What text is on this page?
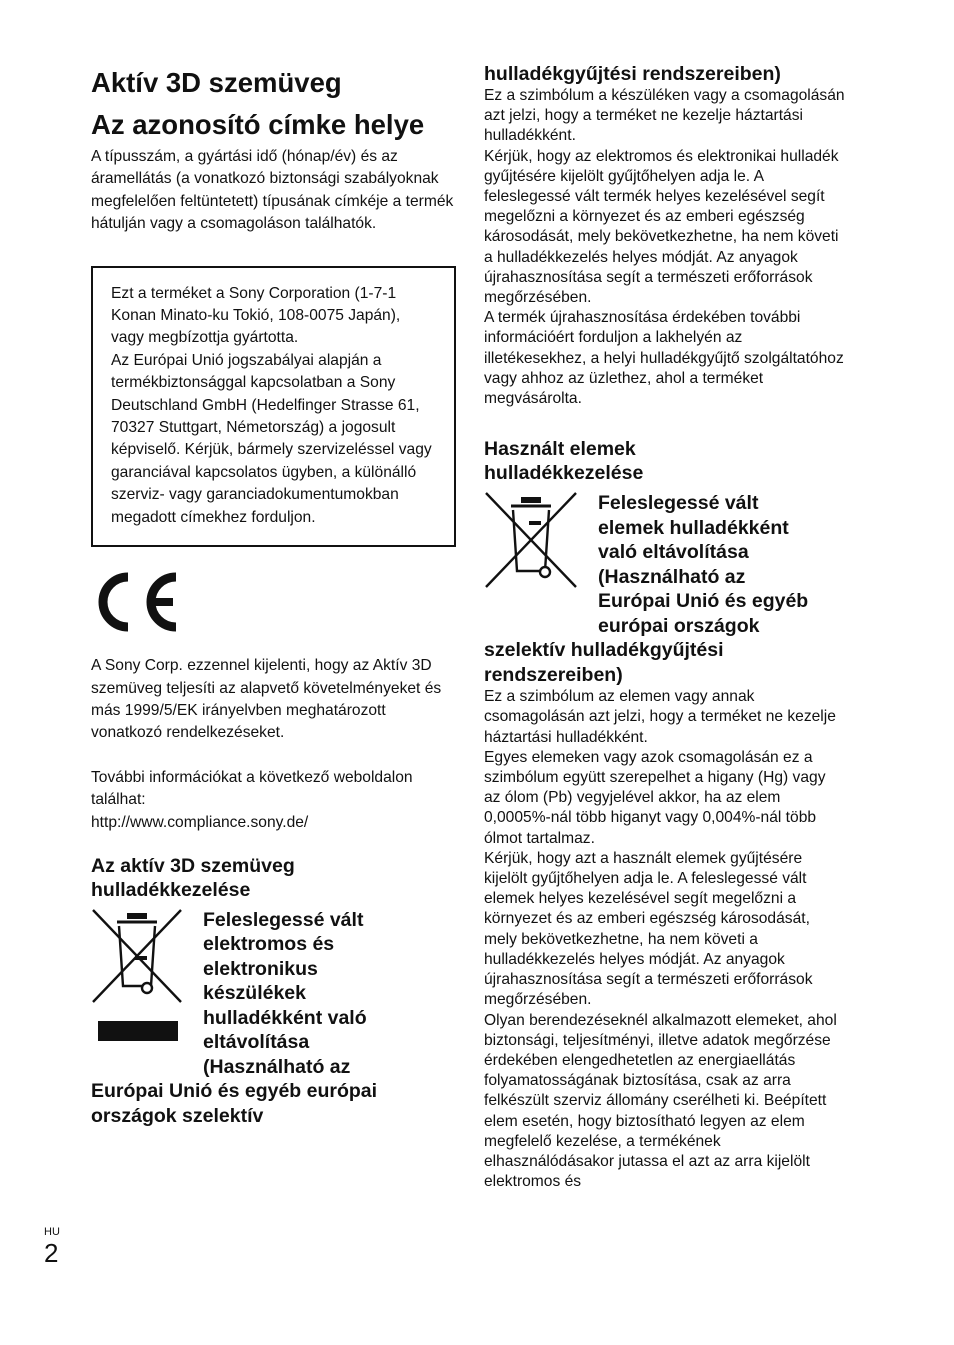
Aktív 3D szemüveg
Az azonosító címke helye

A típusszám, a gyártási idő (hónap/év) és az áramellátás (a vonatkozó biztonsági szabályoknak megfelelően feltüntetett) típusának címkéje a termék hátulján vagy a csomagoláson találhatók.

Ezt a terméket a Sony Corporation (1-7-1 Konan Minato-ku Tokió, 108-0075 Japán), vagy megbízottja gyártotta.

Az Európai Unió jogszabályai alapján a termékbiztonsággal kapcsolatban a Sony Deutschland GmbH (Hedelfinger Strasse 61, 70327 Stuttgart, Németország) a jogosult képviselő. Kérjük, bármely szervizeléssel vagy garanciával kapcsolatos ügyben, a különálló szerviz- vagy garanciadokumentumokban megadott címekhez forduljon.

A Sony Corp. ezzennel kijelenti, hogy az Aktív 3D szemüveg teljesíti az alapvető követelményeket és más 1999/5/EK irányelvben meghatározott vonatkozó rendelkezéseket.

További információkat a következő weboldalon találhat:

http://www.compliance.sony.de/

Az aktív 3D szemüveg
hulladékkezelése
Feleslegessé vált
elektromos és
elektronikus
készülékek
hulladékként való
eltávolítása
(Használható az
Európai Unió és egyéb európai
országok szelektív
hulladékgyűjtési rendszereiben)

Ez a szimbólum a készüléken vagy a csomagolásán azt jelzi, hogy a terméket ne kezelje háztartási hulladékként.

Kérjük, hogy az elektromos és elektronikai hulladék gyűjtésére kijelölt gyűjtőhelyen adja le. A feleslegessé vált termék helyes kezelésével segít megelőzni a környezet és az emberi egészség károsodását, mely bekövetkezhetne, ha nem követi a hulladékkezelés helyes módját. Az anyagok újrahasznosítása segít a természeti erőforrások megőrzésében.

A termék újrahasznosítása érdekében további információért forduljon a lakhelyén az illetékesekhez, a helyi hulladékgyűjtő szolgáltatóhoz vagy ahhoz az üzlethez, ahol a terméket megvásárolta.

Használt elemek
hulladékkezelése
Feleslegessé vált
elemek hulladékként
való eltávolítása
(Használható az
Európai Unió és egyéb
európai országok
szelektív hulladékgyűjtési
rendszereiben)

Ez a szimbólum az elemen vagy annak csomagolásán azt jelzi, hogy a terméket ne kezelje háztartási hulladékként.

Egyes elemeken vagy azok csomagolásán ez a szimbólum együtt szerepelhet a higany (Hg) vagy az ólom (Pb) vegyjelével akkor, ha az elem 0,0005%-nál több higanyt vagy 0,004%-nál több ólmot tartalmaz.

Kérjük, hogy azt a használt elemek gyűjtésére kijelölt gyűjtőhelyen adja le. A feleslegessé vált elemek helyes kezelésével segít megelőzni a környezet és az emberi egészség károsodását, mely bekövetkezhetne, ha nem követi a hulladékkezelés helyes módját. Az anyagok újrahasznosítása segít a természeti erőforrások megőrzésében.

Olyan berendezéseknél alkalmazott elemeket, ahol biztonsági, teljesítményi, illetve adatok megőrzése érdekében elengedhetetlen az energiaellátás folyamatosságának biztosítása, csak az arra felkészült szerviz állomány cserélheti ki. Beépített elem esetén, hogy biztosítható legyen az elem megfelelő kezelése, a termékének elhasználódásakor jutassa el azt az arra kijelölt elektromos és

HU
2
